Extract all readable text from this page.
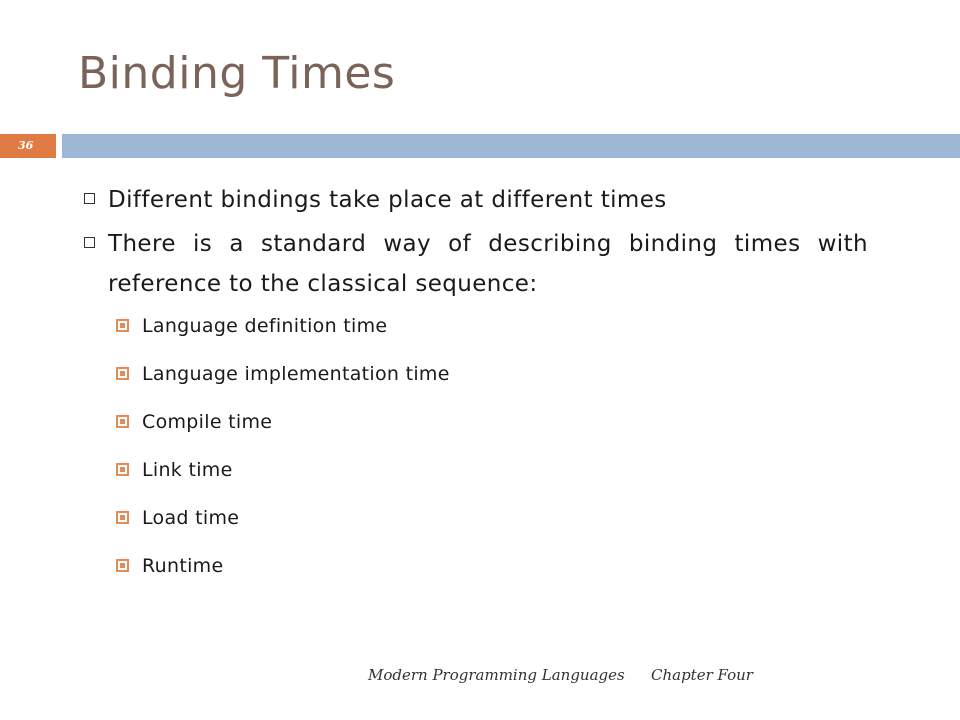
Binding Times
36
Different bindings take place at different times
There is a standard way of describing binding times with reference to the classical sequence:
Language definition time
Language implementation time
Compile time
Link time
Load time
Runtime
Modern Programming Languages Chapter Four
